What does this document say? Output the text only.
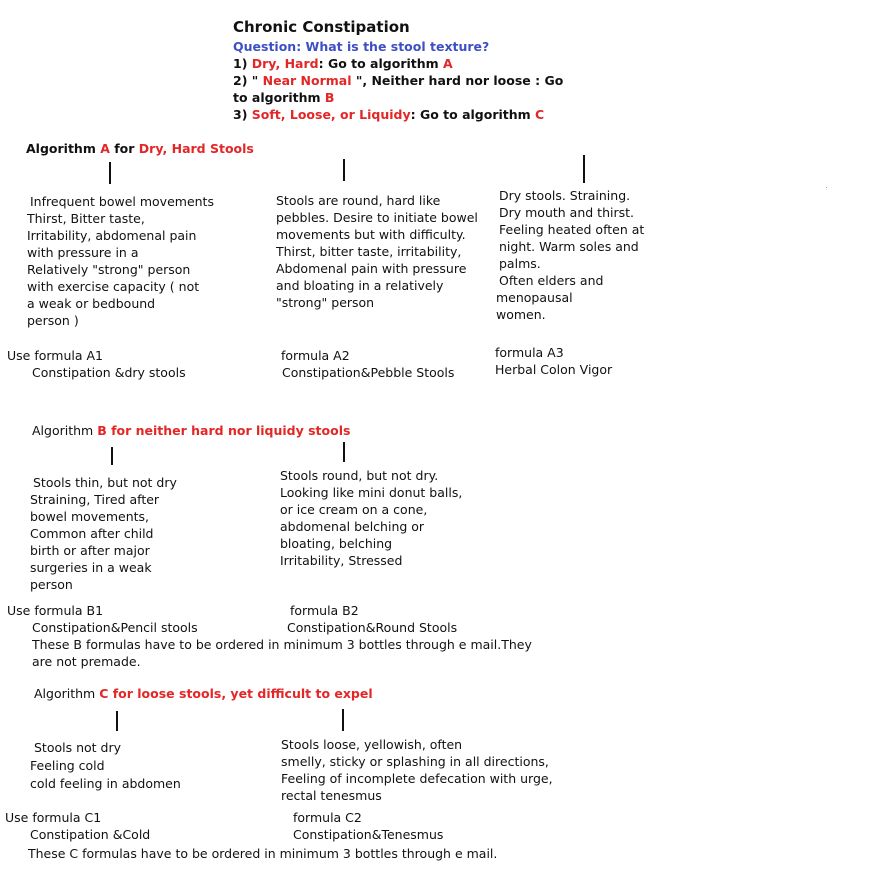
Chronic Constipation
Question: What is the stool texture?
1) Dry, Hard: Go to algorithm A
2) " Near Normal ", Neither hard nor loose : Go
to algorithm B
3) Soft, Loose, or Liquidy: Go to algorithm C
Algorithm A for Dry, Hard Stools
Infrequent bowel movements
Thirst, Bitter taste,
Irritability, abdomenal pain
with pressure in a
Relatively "strong" person
with exercise capacity ( not
a weak or bedbound
person )
Stools are round, hard like
pebbles. Desire to initiate bowel
movements but with difficulty.
Thirst, bitter taste, irritability,
Abdomenal pain with pressure
and bloating in a relatively
"strong" person
Dry stools. Straining.
Dry mouth and thirst.
Feeling heated often at
night. Warm soles and
palms.
Often elders and
menopausal
women.
Use formula A1
Constipation &dry stools
formula A2
Constipation&Pebble Stools
formula A3
Herbal Colon Vigor
Algorithm B for neither hard nor liquidy stools
Stools thin, but not dry
Straining, Tired after
bowel movements,
Common after child
birth or after major
surgeries in a weak
person
Stools round, but not dry.
Looking like mini donut balls,
or ice cream on a cone,
abdomenal belching or
bloating, belching
Irritability, Stressed
Use formula B1
Constipation&Pencil stools
formula B2
Constipation&Round Stools
These B formulas have to be ordered in minimum 3 bottles through e mail.They
are not premade.
Algorithm C for loose stools, yet difficult to expel
Stools not dry
Feeling cold
cold feeling in abdomen
Stools loose, yellowish, often
smelly, sticky or splashing in all directions,
Feeling of incomplete defecation with urge,
rectal tenesmus
Use formula C1
Constipation &Cold
formula C2
Constipation&Tenesmus
These C formulas have to be ordered in minimum 3 bottles through e mail.
